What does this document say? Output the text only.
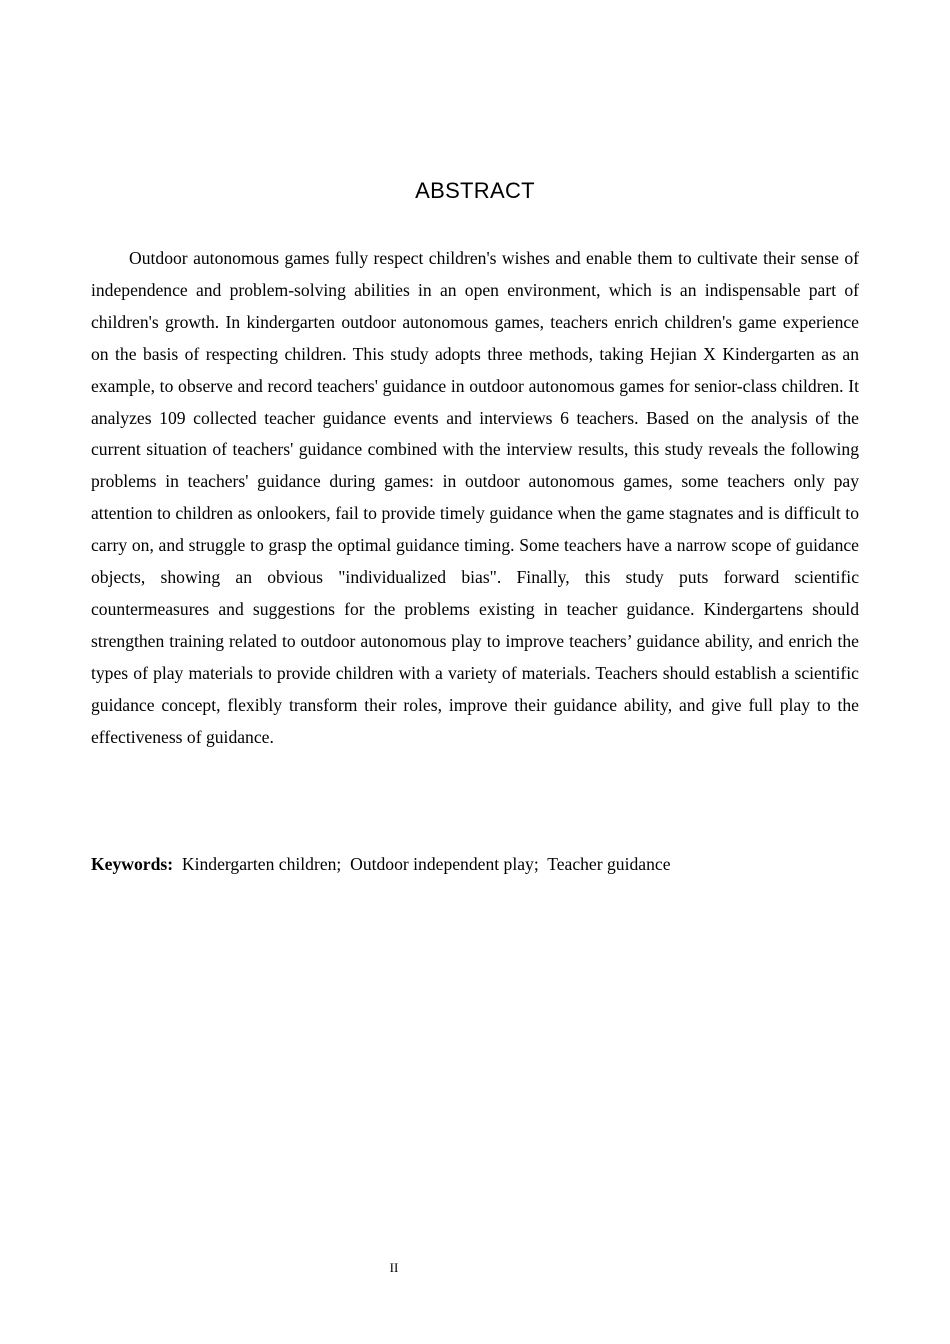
ABSTRACT

Outdoor autonomous games fully respect children's wishes and enable them to cultivate their sense of independence and problem-solving abilities in an open environment, which is an indispensable part of children's growth. In kindergarten outdoor autonomous games, teachers enrich children's game experience on the basis of respecting children. This study adopts three methods, taking Hejian X Kindergarten as an example, to observe and record teachers' guidance in outdoor autonomous games for senior-class children. It analyzes 109 collected teacher guidance events and interviews 6 teachers. Based on the analysis of the current situation of teachers' guidance combined with the interview results, this study reveals the following problems in teachers' guidance during games: in outdoor autonomous games, some teachers only pay attention to children as onlookers, fail to provide timely guidance when the game stagnates and is difficult to carry on, and struggle to grasp the optimal guidance timing. Some teachers have a narrow scope of guidance objects, showing an obvious "individualized bias". Finally, this study puts forward scientific countermeasures and suggestions for the problems existing in teacher guidance. Kindergartens should strengthen training related to outdoor autonomous play to improve teachers’ guidance ability, and enrich the types of play materials to provide children with a variety of materials. Teachers should establish a scientific guidance concept, flexibly transform their roles, improve their guidance ability, and give full play to the effectiveness of guidance.

Keywords:  Kindergarten children;  Outdoor independent play;  Teacher guidance
II
